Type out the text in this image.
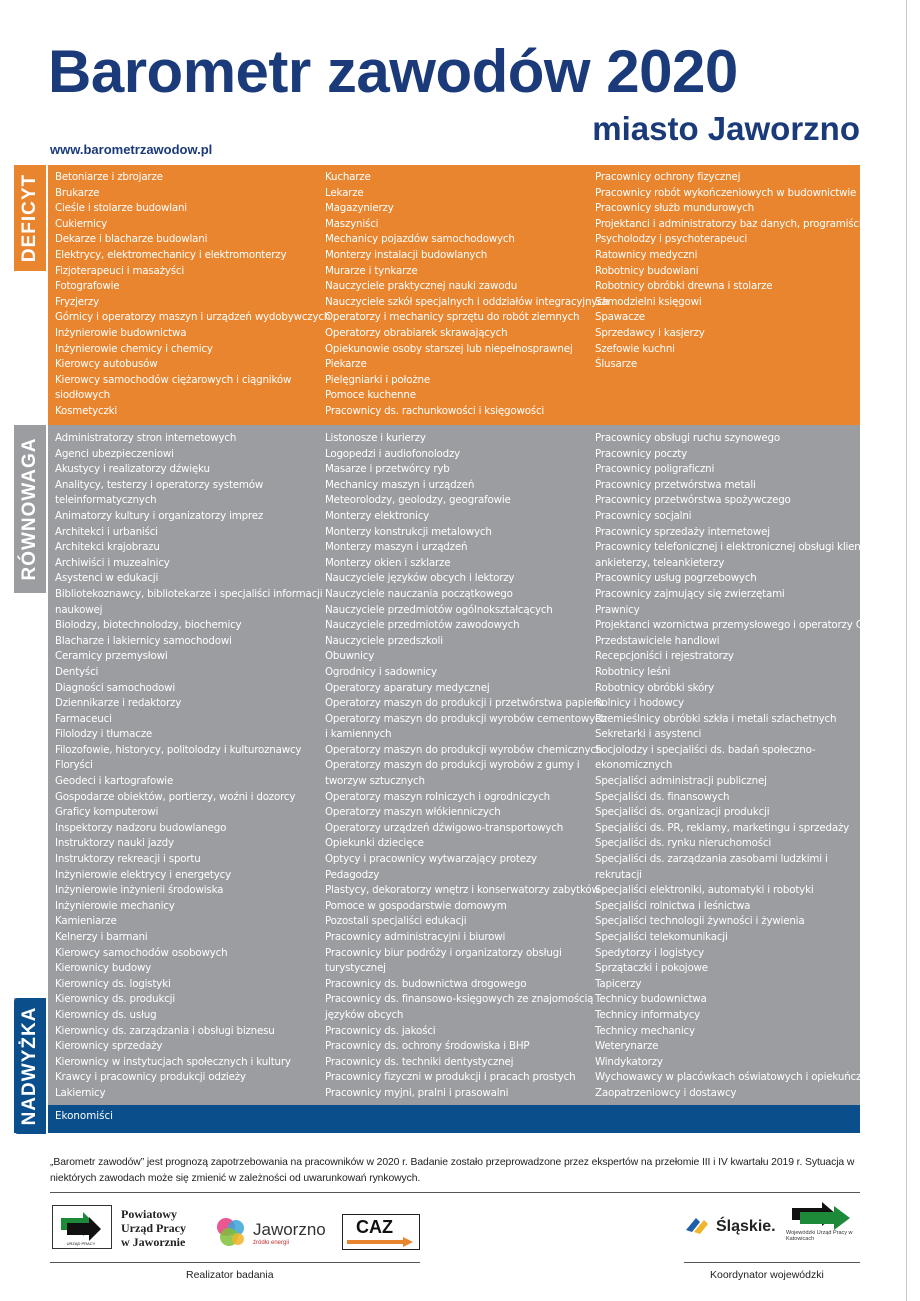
Barometr zawodów 2020
miasto Jaworzno
www.barometrzawodow.pl
DEFICYT
RÓWNOWAGA
NADWYŻKA
Betoniarze i zbrojarze
Brukarze
Cieśle i stolarze budowlani
Cukiernicy
Dekarze i blacharze budowlani
Elektrycy, elektromechanicy i elektromonterzy
Fizjoterapeuci i masażyści
Fotografowie
Fryzjerzy
Górnicy i operatorzy maszyn i urządzeń wydobywczych
Inżynierowie budownictwa
Inżynierowie chemicy i chemicy
Kierowcy autobusów
Kierowcy samochodów ciężarowych i ciągników
siodłowych
Kosmetyczki
Kucharze
Lekarze
Magazynierzy
Maszyniści
Mechanicy pojazdów samochodowych
Monterzy instalacji budowlanych
Murarze i tynkarze
Nauczyciele praktycznej nauki zawodu
Nauczyciele szkół specjalnych i oddziałów integracyjnych
Operatorzy i mechanicy sprzętu do robót ziemnych
Operatorzy obrabiarek skrawających
Opiekunowie osoby starszej lub niepełnosprawnej
Piekarze
Pielęgniarki i położne
Pomoce kuchenne
Pracownicy ds. rachunkowości i księgowości
Pracownicy ochrony fizycznej
Pracownicy robót wykończeniowych w budownictwie
Pracownicy służb mundurowych
Projektanci i administratorzy baz danych, programiści
Psycholodzy i psychoterapeuci
Ratownicy medyczni
Robotnicy budowlani
Robotnicy obróbki drewna i stolarze
Samodzielni księgowi
Spawacze
Sprzedawcy i kasjerzy
Szefowie kuchni
Ślusarze
Administratorzy stron internetowych
Agenci ubezpieczeniowi
Akustycy i realizatorzy dźwięku
Analitycy, testerzy i operatorzy systemów
teleinformatycznych
Animatorzy kultury i organizatorzy imprez
Architekci i urbaniści
Architekci krajobrazu
Archiwiści i muzealnicy
Asystenci w edukacji
Bibliotekoznawcy, bibliotekarze i specjaliści informacji
naukowej
Biolodzy, biotechnolodzy, biochemicy
Blacharze i lakiernicy samochodowi
Ceramicy przemysłowi
Dentyści
Diagności samochodowi
Dziennikarze i redaktorzy
Farmaceuci
Filolodzy i tłumacze
Filozofowie, historycy, politolodzy i kulturoznawcy
Floryści
Geodeci i kartografowie
Gospodarze obiektów, portierzy, woźni i dozorcy
Graficy komputerowi
Inspektorzy nadzoru budowlanego
Instruktorzy nauki jazdy
Instruktorzy rekreacji i sportu
Inżynierowie elektrycy i energetycy
Inżynierowie inżynierii środowiska
Inżynierowie mechanicy
Kamieniarze
Kelnerzy i barmani
Kierowcy samochodów osobowych
Kierownicy budowy
Kierownicy ds. logistyki
Kierownicy ds. produkcji
Kierownicy ds. usług
Kierownicy ds. zarządzania i obsługi biznesu
Kierownicy sprzedaży
Kierownicy w instytucjach społecznych i kultury
Krawcy i pracownicy produkcji odzieży
Lakiernicy
Listonosze i kurierzy
Logopedzi i audiofonolodzy
Masarze i przetwórcy ryb
Mechanicy maszyn i urządzeń
Meteorolodzy, geolodzy, geografowie
Monterzy elektronicy
Monterzy konstrukcji metalowych
Monterzy maszyn i urządzeń
Monterzy okien i szklarze
Nauczyciele języków obcych i lektorzy
Nauczyciele nauczania początkowego
Nauczyciele przedmiotów ogólnokształcących
Nauczyciele przedmiotów zawodowych
Nauczyciele przedszkoli
Obuwnicy
Ogrodnicy i sadownicy
Operatorzy aparatury medycznej
Operatorzy maszyn do produkcji i przetwórstwa papieru
Operatorzy maszyn do produkcji wyrobów cementowych
i kamiennych
Operatorzy maszyn do produkcji wyrobów chemicznych
Operatorzy maszyn do produkcji wyrobów z gumy i
tworzyw sztucznych
Operatorzy maszyn rolniczych i ogrodniczych
Operatorzy maszyn włókienniczych
Operatorzy urządzeń dźwigowo-transportowych
Opiekunki dziecięce
Optycy i pracownicy wytwarzający protezy
Pedagodzy
Plastycy, dekoratorzy wnętrz i konserwatorzy zabytków
Pomoce w gospodarstwie domowym
Pozostali specjaliści edukacji
Pracownicy administracyjni i biurowi
Pracownicy biur podróży i organizatorzy obsługi
turystycznej
Pracownicy ds. budownictwa drogowego
Pracownicy ds. finansowo-księgowych ze znajomością
języków obcych
Pracownicy ds. jakości
Pracownicy ds. ochrony środowiska i BHP
Pracownicy ds. techniki dentystycznej
Pracownicy fizyczni w produkcji i pracach prostych
Pracownicy myjni, pralni i prasowalni
Pracownicy obsługi ruchu szynowego
Pracownicy poczty
Pracownicy poligraficzni
Pracownicy przetwórstwa metali
Pracownicy przetwórstwa spożywczego
Pracownicy socjalni
Pracownicy sprzedaży internetowej
Pracownicy telefonicznej i elektronicznej obsługi klienta,
ankieterzy, teleankieterzy
Pracownicy usług pogrzebowych
Pracownicy zajmujący się zwierzętami
Prawnicy
Projektanci wzornictwa przemysłowego i operatorzy CAD
Przedstawiciele handlowi
Recepcjoniści i rejestratorzy
Robotnicy leśni
Robotnicy obróbki skóry
Rolnicy i hodowcy
Rzemieślnicy obróbki szkła i metali szlachetnych
Sekretarki i asystenci
Socjolodzy i specjaliści ds. badań społeczno-
ekonomicznych
Specjaliści administracji publicznej
Specjaliści ds. finansowych
Specjaliści ds. organizacji produkcji
Specjaliści ds. PR, reklamy, marketingu i sprzedaży
Specjaliści ds. rynku nieruchomości
Specjaliści ds. zarządzania zasobami ludzkimi i
rekrutacji
Specjaliści elektroniki, automatyki i robotyki
Specjaliści rolnictwa i leśnictwa
Specjaliści technologii żywności i żywienia
Specjaliści telekomunikacji
Spedytorzy i logistycy
Sprzątaczki i pokojowe
Tapicerzy
Technicy budownictwa
Technicy informatycy
Technicy mechanicy
Weterynarze
Windykatorzy
Wychowawcy w placówkach oświatowych i opiekuńczych
Zaopatrzeniowcy i dostawcy
Ekonomiści

„Barometr zawodów” jest prognozą zapotrzebowania na pracowników w 2020 r. Badanie zostało przeprowadzone przez ekspertów na przełomie III i IV kwartału 2019 r. Sytuacja w niektórych zawodach może się zmienić w zależności od uwarunkowań rynkowych.

URZĄD PRACY
Powiatowy
Urząd Pracy
w Jaworznie
Jaworzno
źródło energii
CAZ
Realizator badania
Śląskie. Wojewódzki Urząd Pracy w Katowicach
Koordynator wojewódzki
